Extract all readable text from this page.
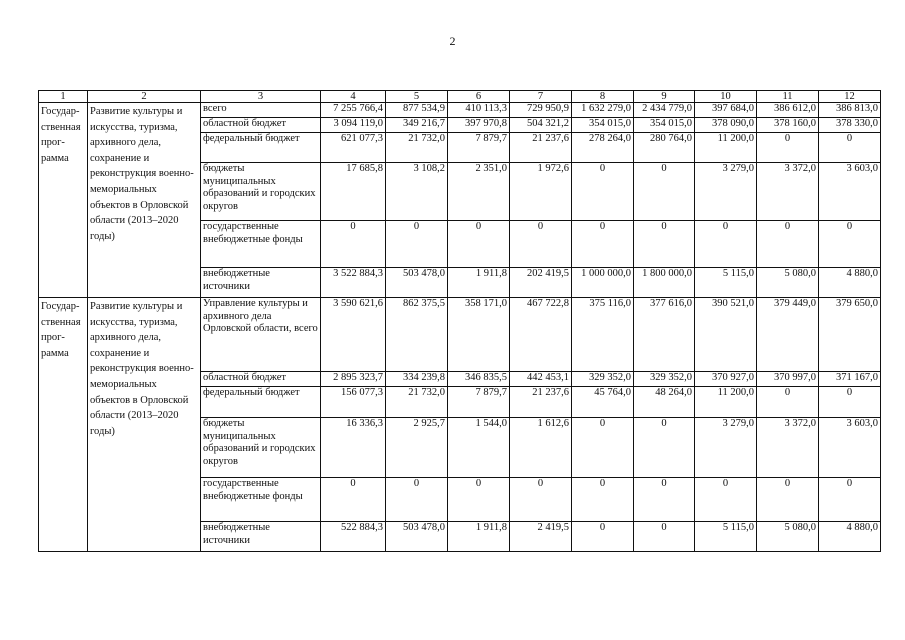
2
1	2	3	4	5	6	7	8	9	10	11	12
Государ-ственная прог-рамма	Развитие культуры и искусства, туризма, архивного дела, сохранение и реконструкция военно-мемориальных объектов в Орловской области (2013–2020 годы)	всего	7 255 766,4	877 534,9	410 113,3	729 950,9	1 632 279,0	2 434 779,0	397 684,0	386 612,0	386 813,0
		областной бюджет	3 094 119,0	349 216,7	397 970,8	504 321,2	354 015,0	354 015,0	378 090,0	378 160,0	378 330,0
		федеральный бюджет	621 077,3	21 732,0	7 879,7	21 237,6	278 264,0	280 764,0	11 200,0	0	0
		бюджеты муниципальных образований и городских округов	17 685,8	3 108,2	2 351,0	1 972,6	0	0	3 279,0	3 372,0	3 603,0
		государственные внебюджетные фонды	0	0	0	0	0	0	0	0	0
		внебюджетные источники	3 522 884,3	503 478,0	1 911,8	202 419,5	1 000 000,0	1 800 000,0	5 115,0	5 080,0	4 880,0
Государ-ственная прог-рамма	Развитие культуры и искусства, туризма, архивного дела, сохранение и реконструкция военно-мемориальных объектов в Орловской области (2013–2020 годы)	Управление культуры и архивного дела Орловской области, всего	3 590 621,6	862 375,5	358 171,0	467 722,8	375 116,0	377 616,0	390 521,0	379 449,0	379 650,0
		областной бюджет	2 895 323,7	334 239,8	346 835,5	442 453,1	329 352,0	329 352,0	370 927,0	370 997,0	371 167,0
		федеральный бюджет	156 077,3	21 732,0	7 879,7	21 237,6	45 764,0	48 264,0	11 200,0	0	0
		бюджеты муниципальных образований и городских округов	16 336,3	2 925,7	1 544,0	1 612,6	0	0	3 279,0	3 372,0	3 603,0
		государственные внебюджетные фонды	0	0	0	0	0	0	0	0	0
		внебюджетные источники	522 884,3	503 478,0	1 911,8	2 419,5	0	0	5 115,0	5 080,0	4 880,0
